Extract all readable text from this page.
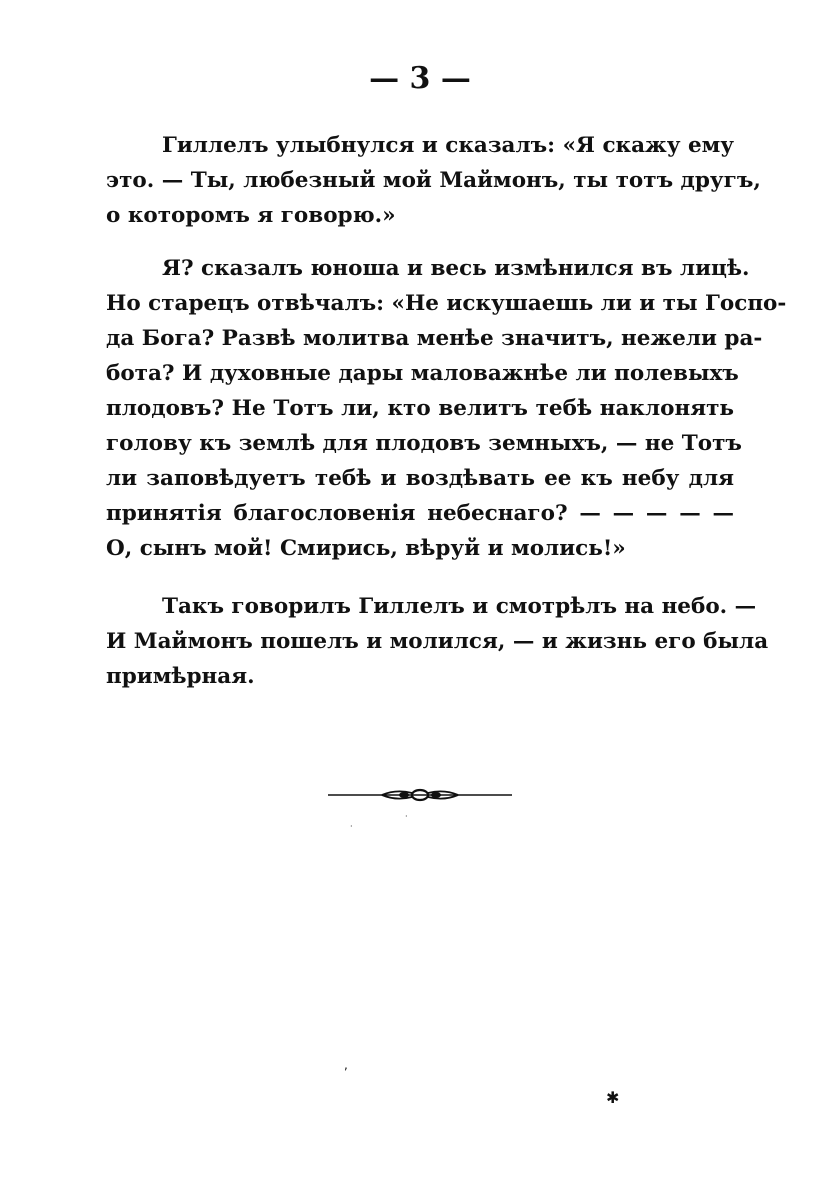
— 3 —
Гиллелъ улыбнулся и сказалъ: «Я скажу ему
это. — Ты, любезный мой Маймонъ, ты тотъ другъ,
о которомъ я говорю.»
Я? сказалъ юноша и весь измѣнился въ лицѣ.
Но старецъ отвѣчалъ: «Не искушаешь ли и ты Госпо-
да Бога? Развѣ молитва менѣе значитъ, нежели ра-
бота? И духовные дары маловажнѣе ли полевыхъ
плодовъ? Не Тотъ ли, кто велитъ тебѣ наклонять
голову къ землѣ для плодовъ земныхъ, — не Тотъ
ли заповѣдуетъ тебѣ и воздѣвать ее къ небу для
принятія благословенія небеснаго? — — — — —
О, сынъ мой! Смирись, вѣруй и молись!»
Такъ говорилъ Гиллелъ и смотрѣлъ на небо. —
И Маймонъ пошелъ и молился, — и жизнь его была
примѣрная.
·
·
,
✱
